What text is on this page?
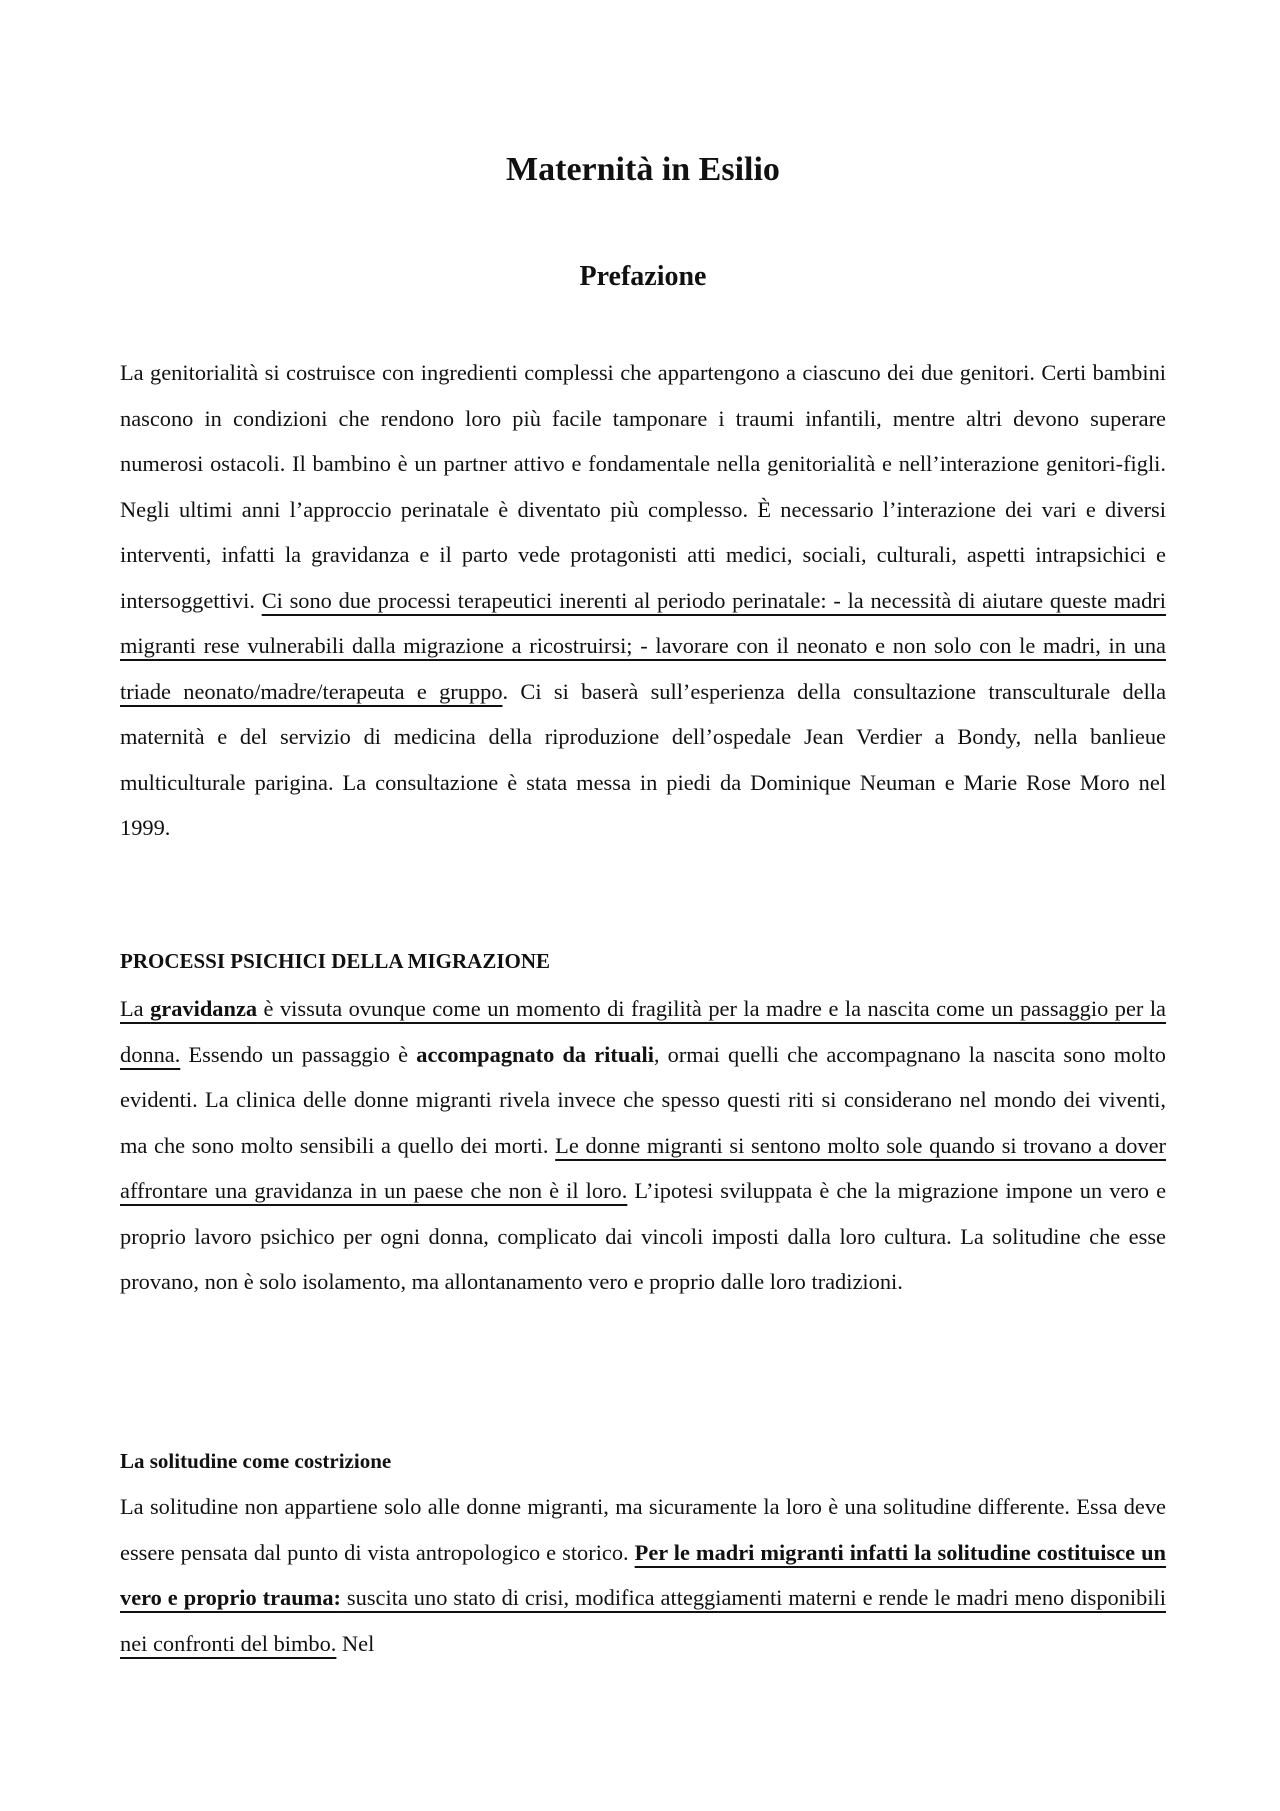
Maternità in Esilio
Prefazione

La genitorialità si costruisce con ingredienti complessi che appartengono a ciascuno dei due genitori. Certi bambini nascono in condizioni che rendono loro più facile tamponare i traumi infantili, mentre altri devono superare numerosi ostacoli. Il bambino è un partner attivo e fondamentale nella genitorialità e nell’interazione genitori-figli. Negli ultimi anni l’approccio perinatale è diventato più complesso. È necessario l’interazione dei vari e diversi interventi, infatti la gravidanza e il parto vede protagonisti atti medici, sociali, culturali, aspetti intrapsichici e intersoggettivi. Ci sono due processi terapeutici inerenti al periodo perinatale: - la necessità di aiutare queste madri migranti rese vulnerabili dalla migrazione a ricostruirsi; - lavorare con il neonato e non solo con le madri, in una triade neonato/madre/terapeuta e gruppo. Ci si baserà sull’esperienza della consultazione transculturale della maternità e del servizio di medicina della riproduzione dell’ospedale Jean Verdier a Bondy, nella banlieue multiculturale parigina. La consultazione è stata messa in piedi da Dominique Neuman e Marie Rose Moro nel 1999.

PROCESSI PSICHICI DELLA MIGRAZIONE

La gravidanza è vissuta ovunque come un momento di fragilità per la madre e la nascita come un passaggio per la donna. Essendo un passaggio è accompagnato da rituali, ormai quelli che accompagnano la nascita sono molto evidenti. La clinica delle donne migranti rivela invece che spesso questi riti si considerano nel mondo dei viventi, ma che sono molto sensibili a quello dei morti. Le donne migranti si sentono molto sole quando si trovano a dover affrontare una gravidanza in un paese che non è il loro. L’ipotesi sviluppata è che la migrazione impone un vero e proprio lavoro psichico per ogni donna, complicato dai vincoli imposti dalla loro cultura. La solitudine che esse provano, non è solo isolamento, ma allontanamento vero e proprio dalle loro tradizioni.

La solitudine come costrizione

La solitudine non appartiene solo alle donne migranti, ma sicuramente la loro è una solitudine differente. Essa deve essere pensata dal punto di vista antropologico e storico. Per le madri migranti infatti la solitudine costituisce un vero e proprio trauma: suscita uno stato di crisi, modifica atteggiamenti materni e rende le madri meno disponibili nei confronti del bimbo. Nel
